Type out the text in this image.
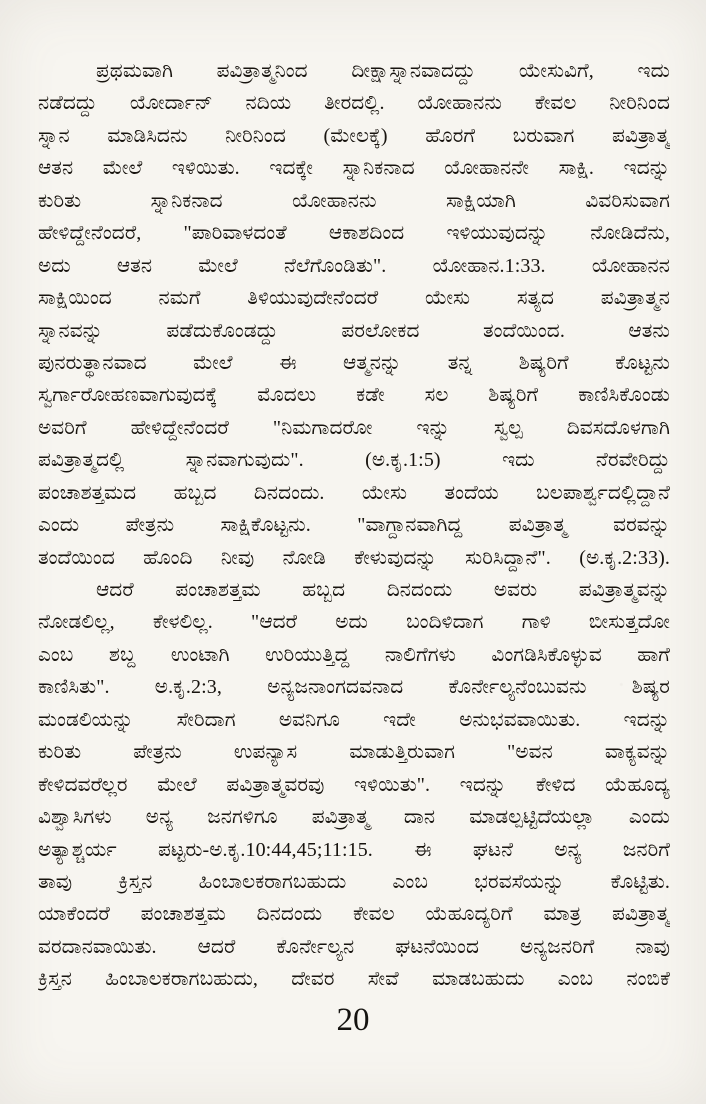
ಪ್ರಥಮವಾಗಿ ಪವಿತ್ರಾತ್ಮನಿಂದ ದೀಕ್ಷಾಸ್ನಾನವಾದದ್ದು ಯೇಸುವಿಗೆ, ಇದು
ನಡೆದದ್ದು ಯೋರ್ದಾನ್ ನದಿಯ ತೀರದಲ್ಲಿ. ಯೋಹಾನನು ಕೇವಲ ನೀರಿನಿಂದ
ಸ್ನಾನ ಮಾಡಿಸಿದನು ನೀರಿನಿಂದ (ಮೇಲಕ್ಕೆ) ಹೊರಗೆ ಬರುವಾಗ ಪವಿತ್ರಾತ್ಮ
ಆತನ ಮೇಲೆ ಇಳಿಯಿತು. ಇದಕ್ಕೇ ಸ್ನಾನಿಕನಾದ ಯೋಹಾನನೇ ಸಾಕ್ಷಿ. ಇದನ್ನು
ಕುರಿತು ಸ್ನಾನಿಕನಾದ ಯೋಹಾನನು ಸಾಕ್ಷಿಯಾಗಿ ವಿವರಿಸುವಾಗ
ಹೇಳಿದ್ದೇನೆಂದರೆ, "ಪಾರಿವಾಳದಂತೆ ಆಕಾಶದಿಂದ ಇಳಿಯುವುದನ್ನು ನೋಡಿದೆನು,
ಅದು ಆತನ ಮೇಲೆ ನೆಲೆಗೊಂಡಿತು". ಯೋಹಾನ.1:33. ಯೋಹಾನನ
ಸಾಕ್ಷಿಯಿಂದ ನಮಗೆ ತಿಳಿಯುವುದೇನೆಂದರೆ ಯೇಸು ಸತ್ಯದ ಪವಿತ್ರಾತ್ಮನ
ಸ್ನಾನವನ್ನು ಪಡೆದುಕೊಂಡದ್ದು ಪರಲೋಕದ ತಂದೆಯಿಂದ. ಆತನು
ಪುನರುತ್ಥಾನವಾದ ಮೇಲೆ ಈ ಆತ್ಮನನ್ನು ತನ್ನ ಶಿಷ್ಯರಿಗೆ ಕೊಟ್ಟನು
ಸ್ವರ್ಗಾರೋಹಣವಾಗುವುದಕ್ಕೆ ಮೊದಲು ಕಡೇ ಸಲ ಶಿಷ್ಯರಿಗೆ ಕಾಣಿಸಿಕೊಂಡು
ಅವರಿಗೆ ಹೇಳಿದ್ದೇನೆಂದರೆ "ನಿಮಗಾದರೋ ಇನ್ನು ಸ್ವಲ್ಪ ದಿವಸದೊಳಗಾಗಿ
ಪವಿತ್ರಾತ್ಮದಲ್ಲಿ ಸ್ನಾನವಾಗುವುದು". (ಅ.ಕೃ.1:5) ಇದು ನೆರವೇರಿದ್ದು
ಪಂಚಾಶತ್ತಮದ ಹಬ್ಬದ ದಿನದಂದು. ಯೇಸು ತಂದೆಯ ಬಲಪಾರ್ಶ್ವದಲ್ಲಿದ್ದಾನೆ
ಎಂದು ಪೇತ್ರನು ಸಾಕ್ಷಿಕೊಟ್ಟನು. "ವಾಗ್ದಾನವಾಗಿದ್ದ ಪವಿತ್ರಾತ್ಮ ವರವನ್ನು
ತಂದೆಯಿಂದ ಹೊಂದಿ ನೀವು ನೋಡಿ ಕೇಳುವುದನ್ನು ಸುರಿಸಿದ್ದಾನೆ". (ಅ.ಕೃ.2:33).
ಆದರೆ ಪಂಚಾಶತ್ತಮ ಹಬ್ಬದ ದಿನದಂದು ಅವರು ಪವಿತ್ರಾತ್ಮವನ್ನು
ನೋಡಲಿಲ್ಲ, ಕೇಳಲಿಲ್ಲ. "ಆದರೆ ಅದು ಬಂದಿಳಿದಾಗ ಗಾಳಿ ಬೀಸುತ್ತದೋ
ಎಂಬ ಶಬ್ದ ಉಂಟಾಗಿ ಉರಿಯುತ್ತಿದ್ದ ನಾಲಿಗೆಗಳು ವಿಂಗಡಿಸಿಕೊಳ್ಳುವ ಹಾಗೆ
ಕಾಣಿಸಿತು". ಅ.ಕೃ.2:3, ಅನ್ಯಜನಾಂಗದವನಾದ ಕೊರ್ನೇಲ್ಯನೆಂಬುವನು ಶಿಷ್ಯರ
ಮಂಡಲಿಯನ್ನು ಸೇರಿದಾಗ ಅವನಿಗೂ ಇದೇ ಅನುಭವವಾಯಿತು. ಇದನ್ನು
ಕುರಿತು ಪೇತ್ರನು ಉಪನ್ಯಾಸ ಮಾಡುತ್ತಿರುವಾಗ "ಅವನ ವಾಕ್ಯವನ್ನು
ಕೇಳಿದವರೆಲ್ಲರ ಮೇಲೆ ಪವಿತ್ರಾತ್ಮವರವು ಇಳಿಯಿತು". ಇದನ್ನು ಕೇಳಿದ ಯೆಹೂದ್ಯ
ವಿಶ್ವಾಸಿಗಳು ಅನ್ಯ ಜನಗಳಿಗೂ ಪವಿತ್ರಾತ್ಮ ದಾನ ಮಾಡಲ್ಪಟ್ಟಿದೆಯಲ್ಲಾ ಎಂದು
ಅತ್ಯಾಶ್ಚರ್ಯ ಪಟ್ಟರು-ಅ.ಕೃ.10:44,45;11:15. ಈ ಘಟನೆ ಅನ್ಯ ಜನರಿಗೆ
ತಾವು ಕ್ರಿಸ್ತನ ಹಿಂಬಾಲಕರಾಗಬಹುದು ಎಂಬ ಭರವಸೆಯನ್ನು ಕೊಟ್ಟಿತು.
ಯಾಕೆಂದರೆ ಪಂಚಾಶತ್ತಮ ದಿನದಂದು ಕೇವಲ ಯೆಹೂದ್ಯರಿಗೆ ಮಾತ್ರ ಪವಿತ್ರಾತ್ಮ
ವರದಾನವಾಯಿತು. ಆದರೆ ಕೊರ್ನೇಲ್ಯನ ಘಟನೆಯಿಂದ ಅನ್ಯಜನರಿಗೆ ನಾವು
ಕ್ರಿಸ್ತನ ಹಿಂಬಾಲಕರಾಗಬಹುದು, ದೇವರ ಸೇವೆ ಮಾಡಬಹುದು ಎಂಬ ನಂಬಿಕೆ
20
